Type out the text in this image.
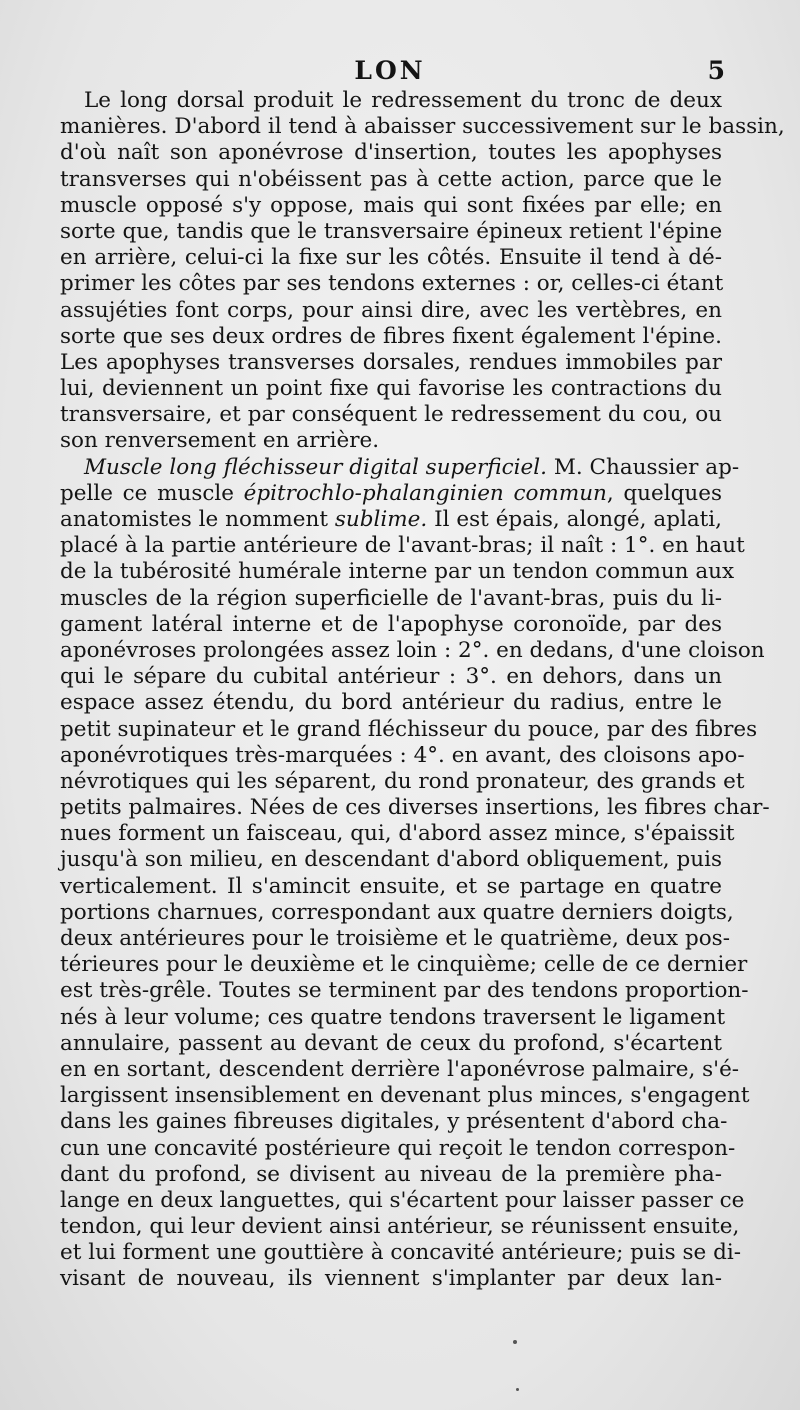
LON	5
Le long dorsal produit le redressement du tronc de deux
manières. D'abord il tend à abaisser successivement sur le bassin,
d'où naît son aponévrose d'insertion, toutes les apophyses
transverses qui n'obéissent pas à cette action, parce que le
muscle opposé s'y oppose, mais qui sont fixées par elle; en
sorte que, tandis que le transversaire épineux retient l'épine
en arrière, celui-ci la fixe sur les côtés. Ensuite il tend à dé-
primer les côtes par ses tendons externes : or, celles-ci étant
assujéties font corps, pour ainsi dire, avec les vertèbres, en
sorte que ses deux ordres de fibres fixent également l'épine.
Les apophyses transverses dorsales, rendues immobiles par
lui, deviennent un point fixe qui favorise les contractions du
transversaire, et par conséquent le redressement du cou, ou
son renversement en arrière.
Muscle long fléchisseur digital superficiel. M. Chaussier ap-
pelle ce muscle épitrochlo-phalanginien commun, quelques
anatomistes le nomment sublime. Il est épais, alongé, aplati,
placé à la partie antérieure de l'avant-bras; il naît : 1°. en haut
de la tubérosité humérale interne par un tendon commun aux
muscles de la région superficielle de l'avant-bras, puis du li-
gament latéral interne et de l'apophyse coronoïde, par des
aponévroses prolongées assez loin : 2°. en dedans, d'une cloison
qui le sépare du cubital antérieur : 3°. en dehors, dans un
espace assez étendu, du bord antérieur du radius, entre le
petit supinateur et le grand fléchisseur du pouce, par des fibres
aponévrotiques très-marquées : 4°. en avant, des cloisons apo-
névrotiques qui les séparent, du rond pronateur, des grands et
petits palmaires. Nées de ces diverses insertions, les fibres char-
nues forment un faisceau, qui, d'abord assez mince, s'épaissit
jusqu'à son milieu, en descendant d'abord obliquement, puis
verticalement. Il s'amincit ensuite, et se partage en quatre
portions charnues, correspondant aux quatre derniers doigts,
deux antérieures pour le troisième et le quatrième, deux pos-
térieures pour le deuxième et le cinquième; celle de ce dernier
est très-grêle. Toutes se terminent par des tendons proportion-
nés à leur volume; ces quatre tendons traversent le ligament
annulaire, passent au devant de ceux du profond, s'écartent
en en sortant, descendent derrière l'aponévrose palmaire, s'é-
largissent insensiblement en devenant plus minces, s'engagent
dans les gaines fibreuses digitales, y présentent d'abord cha-
cun une concavité postérieure qui reçoit le tendon correspon-
dant du profond, se divisent au niveau de la première pha-
lange en deux languettes, qui s'écartent pour laisser passer ce
tendon, qui leur devient ainsi antérieur, se réunissent ensuite,
et lui forment une gouttière à concavité antérieure; puis se di-
visant de nouveau, ils viennent s'implanter par deux lan-
